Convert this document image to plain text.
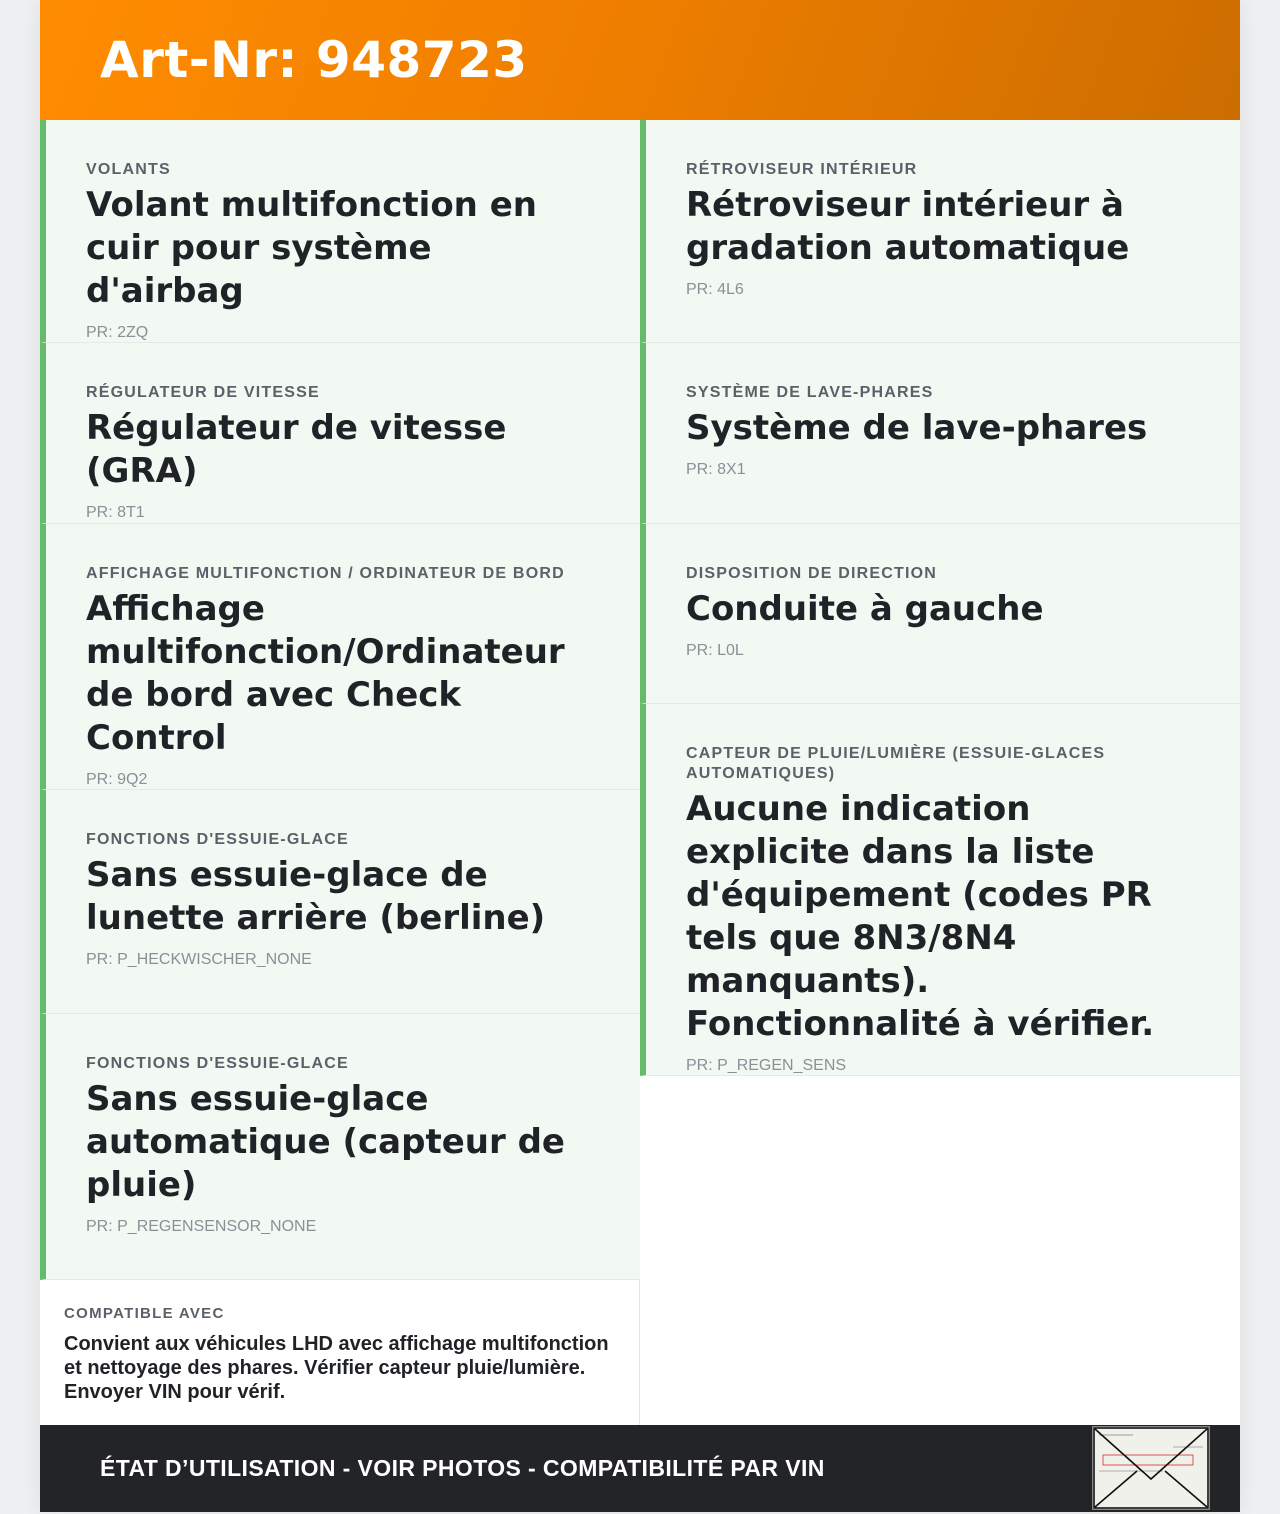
Art-Nr: 948723
VOLANTS
Volant multifonction en cuir pour système d'airbag
PR: 2ZQ
RÉGULATEUR DE VITESSE
Régulateur de vitesse (GRA)
PR: 8T1
AFFICHAGE MULTIFONCTION / ORDINATEUR DE BORD
Affichage multifonction/Ordinateur de bord avec Check Control
PR: 9Q2
FONCTIONS D'ESSUIE-GLACE
Sans essuie-glace de lunette arrière (berline)
PR: P_HECKWISCHER_NONE
FONCTIONS D'ESSUIE-GLACE
Sans essuie-glace automatique (capteur de pluie)
PR: P_REGENSENSOR_NONE
RÉTROVISEUR INTÉRIEUR
Rétroviseur intérieur à gradation automatique
PR: 4L6
SYSTÈME DE LAVE-PHARES
Système de lave-phares
PR: 8X1
DISPOSITION DE DIRECTION
Conduite à gauche
PR: L0L
CAPTEUR DE PLUIE/LUMIÈRE (ESSUIE-GLACES AUTOMATIQUES)
Aucune indication explicite dans la liste d'équipement (codes PR tels que 8N3/8N4 manquants). Fonctionnalité à vérifier.
PR: P_REGEN_SENS
COMPATIBLE AVEC
Convient aux véhicules LHD avec affichage multifonction et nettoyage des phares. Vérifier capteur pluie/lumière. Envoyer VIN pour vérif.
ÉTAT D’UTILISATION - VOIR PHOTOS - COMPATIBILITÉ PAR VIN
